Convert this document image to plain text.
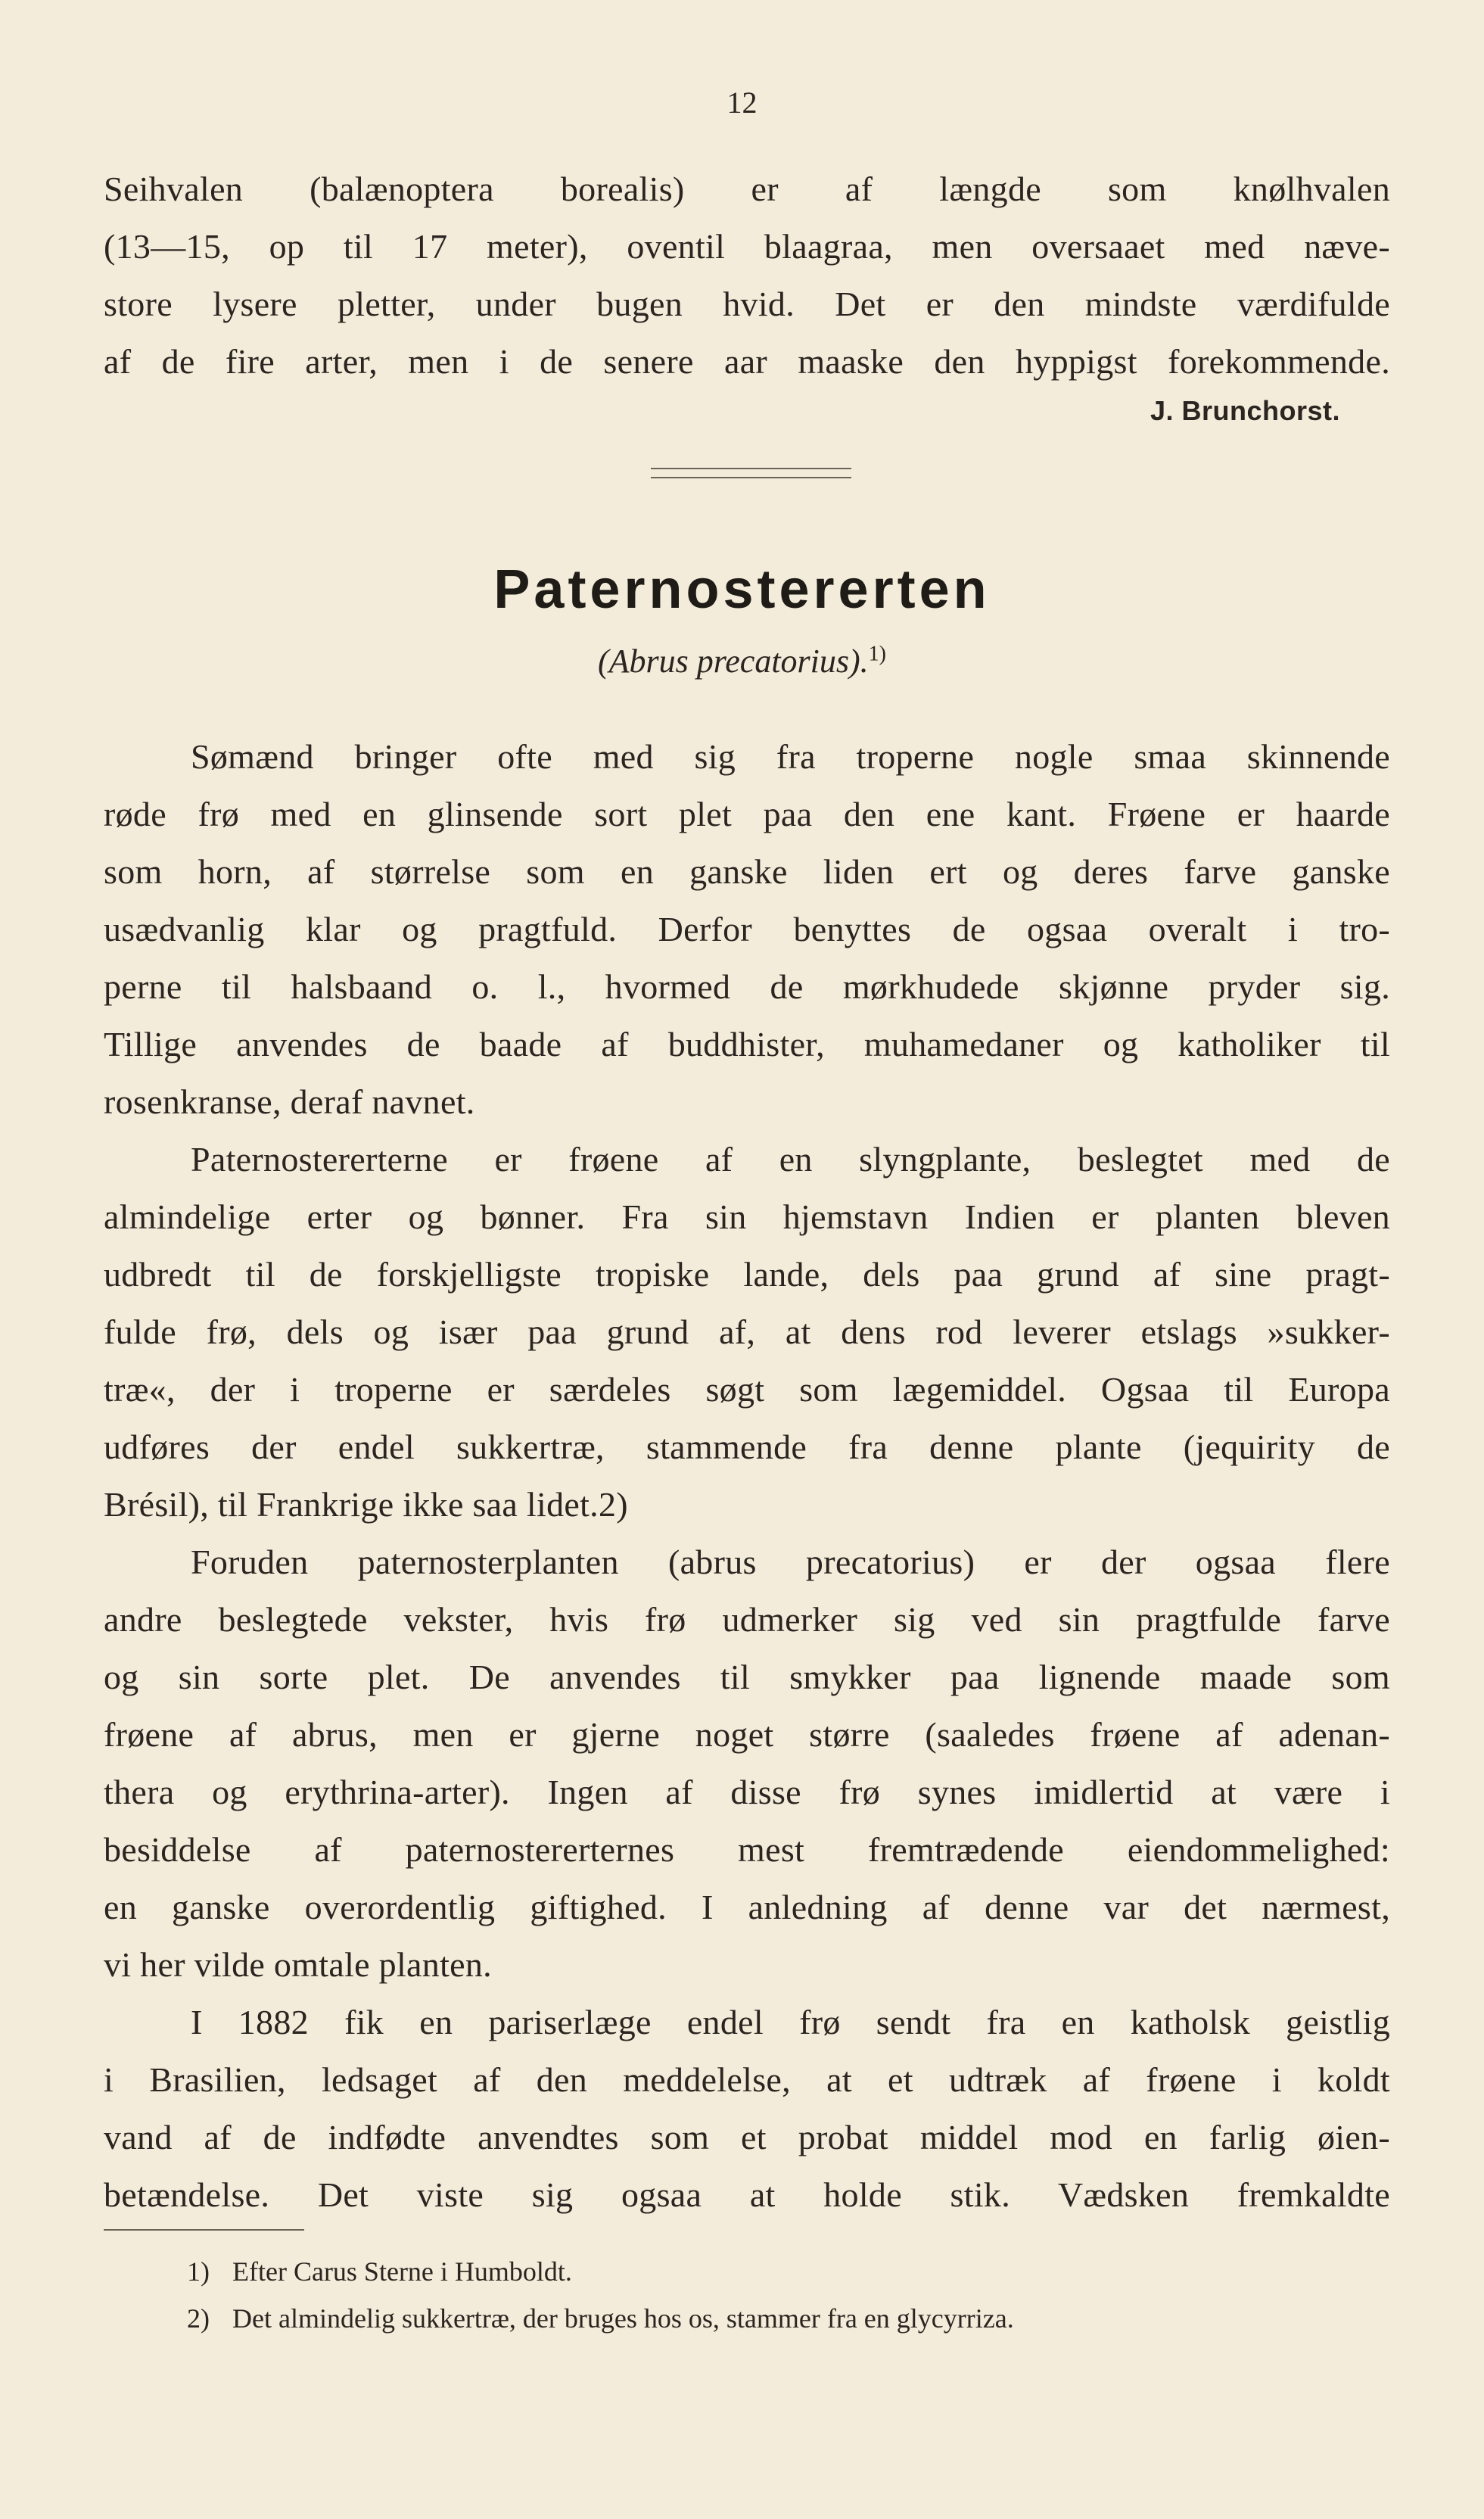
12
Seihvalen (balænoptera borealis) er af længde som knølhvalen
(13—15, op til 17 meter), oventil blaagraa, men oversaaet med næve-
store lysere pletter, under bugen hvid. Det er den mindste værdifulde
af de fire arter, men i de senere aar maaske den hyppigst forekommende.
J. Brunchorst.
Paternostererten
(Abrus precatorius).$^{1)}$
Sømænd bringer ofte med sig fra troperne nogle smaa skinnende
røde frø med en glinsende sort plet paa den ene kant. Frøene er haarde
som horn, af størrelse som en ganske liden ert og deres farve ganske
usædvanlig klar og pragtfuld. Derfor benyttes de ogsaa overalt i tro-
perne til halsbaand o. l., hvormed de mørkhudede skjønne pryder sig.
Tillige anvendes de baade af buddhister, muhamedaner og katholiker til
rosenkranse, deraf navnet.
Paternostererterne er frøene af en slyngplante, beslegtet med de
almindelige erter og bønner. Fra sin hjemstavn Indien er planten bleven
udbredt til de forskjelligste tropiske lande, dels paa grund af sine pragt-
fulde frø, dels og især paa grund af, at dens rod leverer etslags »sukker-
træ«, der i troperne er særdeles søgt som lægemiddel. Ogsaa til Europa
udføres der endel sukkertræ, stammende fra denne plante (jequirity de
Brésil), til Frankrige ikke saa lidet.2)
Foruden paternosterplanten (abrus precatorius) er der ogsaa flere
andre beslegtede vekster, hvis frø udmerker sig ved sin pragtfulde farve
og sin sorte plet. De anvendes til smykker paa lignende maade som
frøene af abrus, men er gjerne noget større (saaledes frøene af adenan-
thera og erythrina-arter). Ingen af disse frø synes imidlertid at være i
besiddelse af paternostererternes mest fremtrædende eiendommelighed:
en ganske overordentlig giftighed. I anledning af denne var det nærmest,
vi her vilde omtale planten.
I 1882 fik en pariserlæge endel frø sendt fra en katholsk geistlig
i Brasilien, ledsaget af den meddelelse, at et udtræk af frøene i koldt
vand af de indfødte anvendtes som et probat middel mod en farlig øien-
betændelse. Det viste sig ogsaa at holde stik. Vædsken fremkaldte
1) Efter Carus Sterne i Humboldt.
2) Det almindelig sukkertræ, der bruges hos os, stammer fra en glycyrriza.
